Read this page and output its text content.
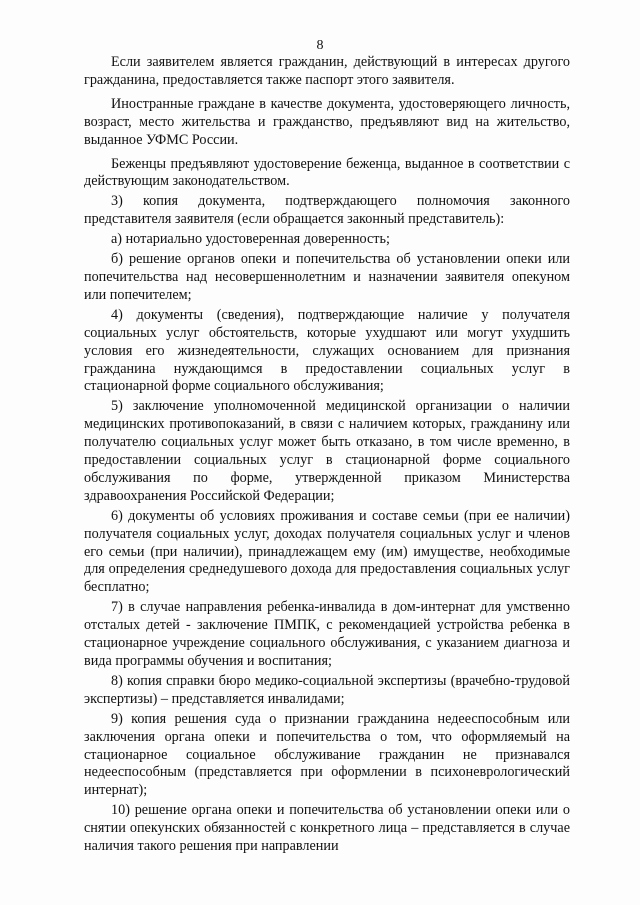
8

Если заявителем является гражданин, действующий в интересах другого гражданина, предоставляется также паспорт этого заявителя.

Иностранные граждане в качестве документа, удостоверяющего личность, возраст, место жительства и гражданство, предъявляют вид на жительство, выданное УФМС России.

Беженцы предъявляют удостоверение беженца, выданное в соответствии с действующим законодательством.

3) копия документа, подтверждающего полномочия законного представителя заявителя (если обращается законный представитель):

а) нотариально удостоверенная доверенность;

б) решение органов опеки и попечительства об установлении опеки или попечительства над несовершеннолетним и назначении заявителя опекуном или попечителем;

4) документы (сведения), подтверждающие наличие у получателя социальных услуг обстоятельств, которые ухудшают или могут ухудшить условия его жизнедеятельности, служащих основанием для признания гражданина нуждающимся в предоставлении социальных услуг в стационарной форме социального обслуживания;

5) заключение уполномоченной медицинской организации о наличии медицинских противопоказаний, в связи с наличием которых, гражданину или получателю социальных услуг может быть отказано, в том числе временно, в предоставлении социальных услуг в стационарной форме социального обслуживания по форме, утвержденной приказом Министерства здравоохранения Российской Федерации;

6) документы об условиях проживания и составе семьи (при ее наличии) получателя социальных услуг, доходах получателя социальных услуг и членов его семьи (при наличии), принадлежащем ему (им) имуществе, необходимые для определения среднедушевого дохода для предоставления социальных услуг бесплатно;

7) в случае направления ребенка-инвалида в дом-интернат для умственно отсталых детей - заключение ПМПК, с рекомендацией устройства ребенка в стационарное учреждение социального обслуживания, с указанием диагноза и вида программы обучения и воспитания;

8) копия справки бюро медико-социальной экспертизы (врачебно-трудовой экспертизы) – представляется инвалидами;

9) копия решения суда о признании гражданина недееспособным или заключения органа опеки и попечительства о том, что оформляемый на стационарное социальное обслуживание гражданин не признавался недееспособным (представляется при оформлении в психоневрологический интернат);

10) решение органа опеки и попечительства об установлении опеки или о снятии опекунских обязанностей с конкретного лица – представляется в случае наличия такого решения при направлении
